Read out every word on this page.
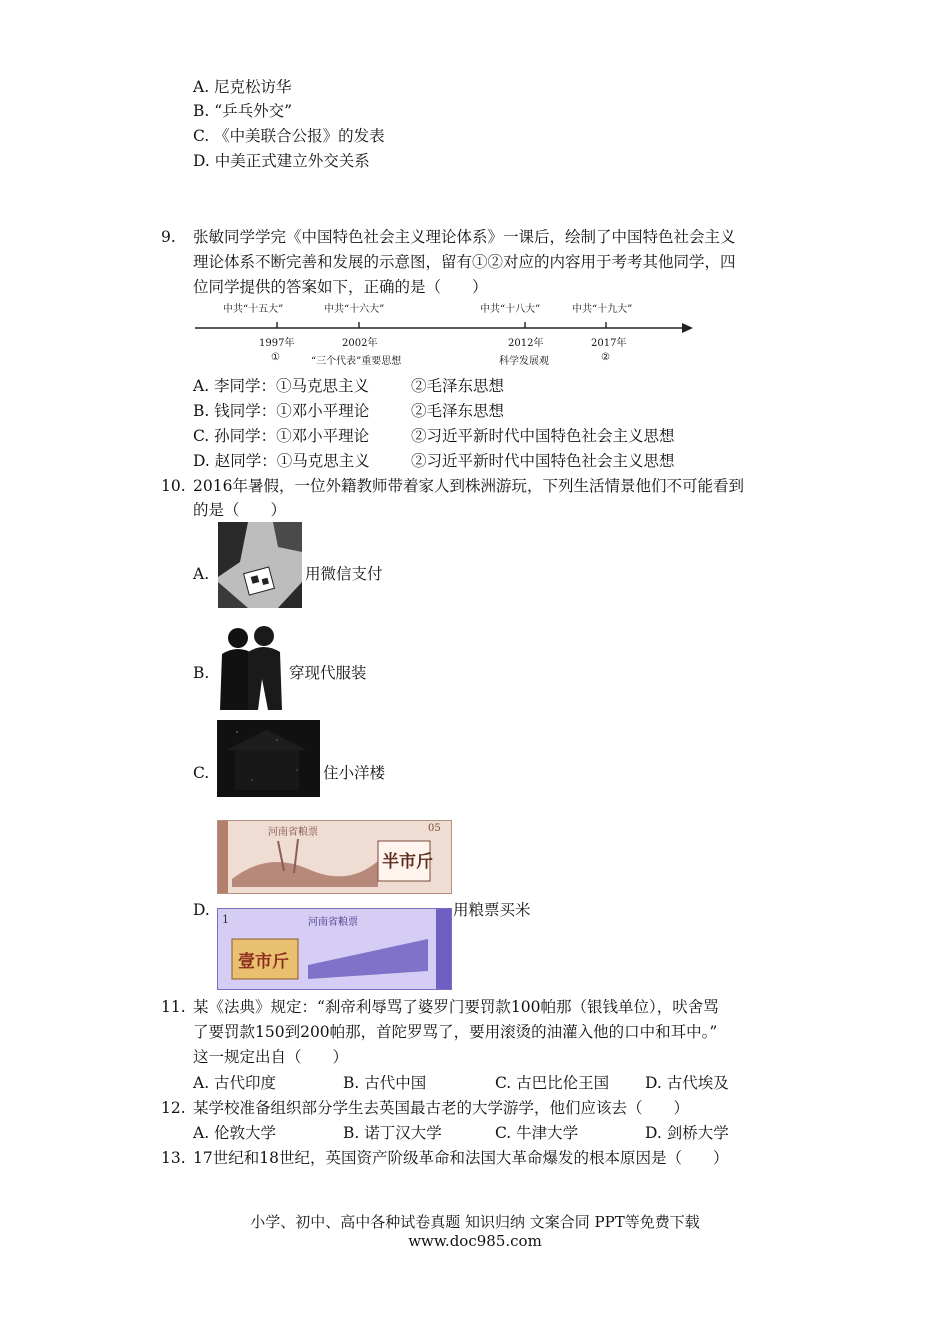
A. 尼克松访华
B. “乒乓外交”
C. 《中美联合公报》的发表
D. 中美正式建立外交关系
9. 张敏同学学完《中国特色社会主义理论体系》一课后，绘制了中国特色社会主义
理论体系不断完善和发展的示意图，留有①②对应的内容用于考考其他同学，四
位同学提供的答案如下，正确的是（　　）
中共“十五大”	中共“十六大”	中共“十八大”	中共“十九大”
1997年	2002年	2012年	2017年
①	“三个代表”重要思想	科学发展观	②
A. 李同学：①马克思主义	②毛泽东思想
B. 钱同学：①邓小平理论	②毛泽东思想
C. 孙同学：①邓小平理论	②习近平新时代中国特色社会主义思想
D. 赵同学：①马克思主义	②习近平新时代中国特色社会主义思想
10. 2016年暑假，一位外籍教师带着家人到株洲游玩，下列生活情景他们不可能看到
的是（　　）
A.	用微信支付
B.	穿现代服装
C.	住小洋楼
D.
河南省粮票	05
半市斤
1	河南省粮票
壹市斤
用粮票买米
11. 某《法典》规定：“刹帝利辱骂了婆罗门要罚款100帕那（银钱单位），吠舍骂
了要罚款150到200帕那，首陀罗骂了，要用滚烫的油灌入他的口中和耳中。”
这一规定出自（　　）
A. 古代印度	B. 古代中国	C. 古巴比伦王国 D. 古代埃及
12. 某学校准备组织部分学生去英国最古老的大学游学，他们应该去（　　）
A. 伦敦大学	B. 诺丁汉大学	C. 牛津大学	D. 剑桥大学
13. 17世纪和18世纪，英国资产阶级革命和法国大革命爆发的根本原因是（　　）
小学、初中、高中各种试卷真题 知识归纳 文案合同 PPT等免费下载
www.doc985.com
